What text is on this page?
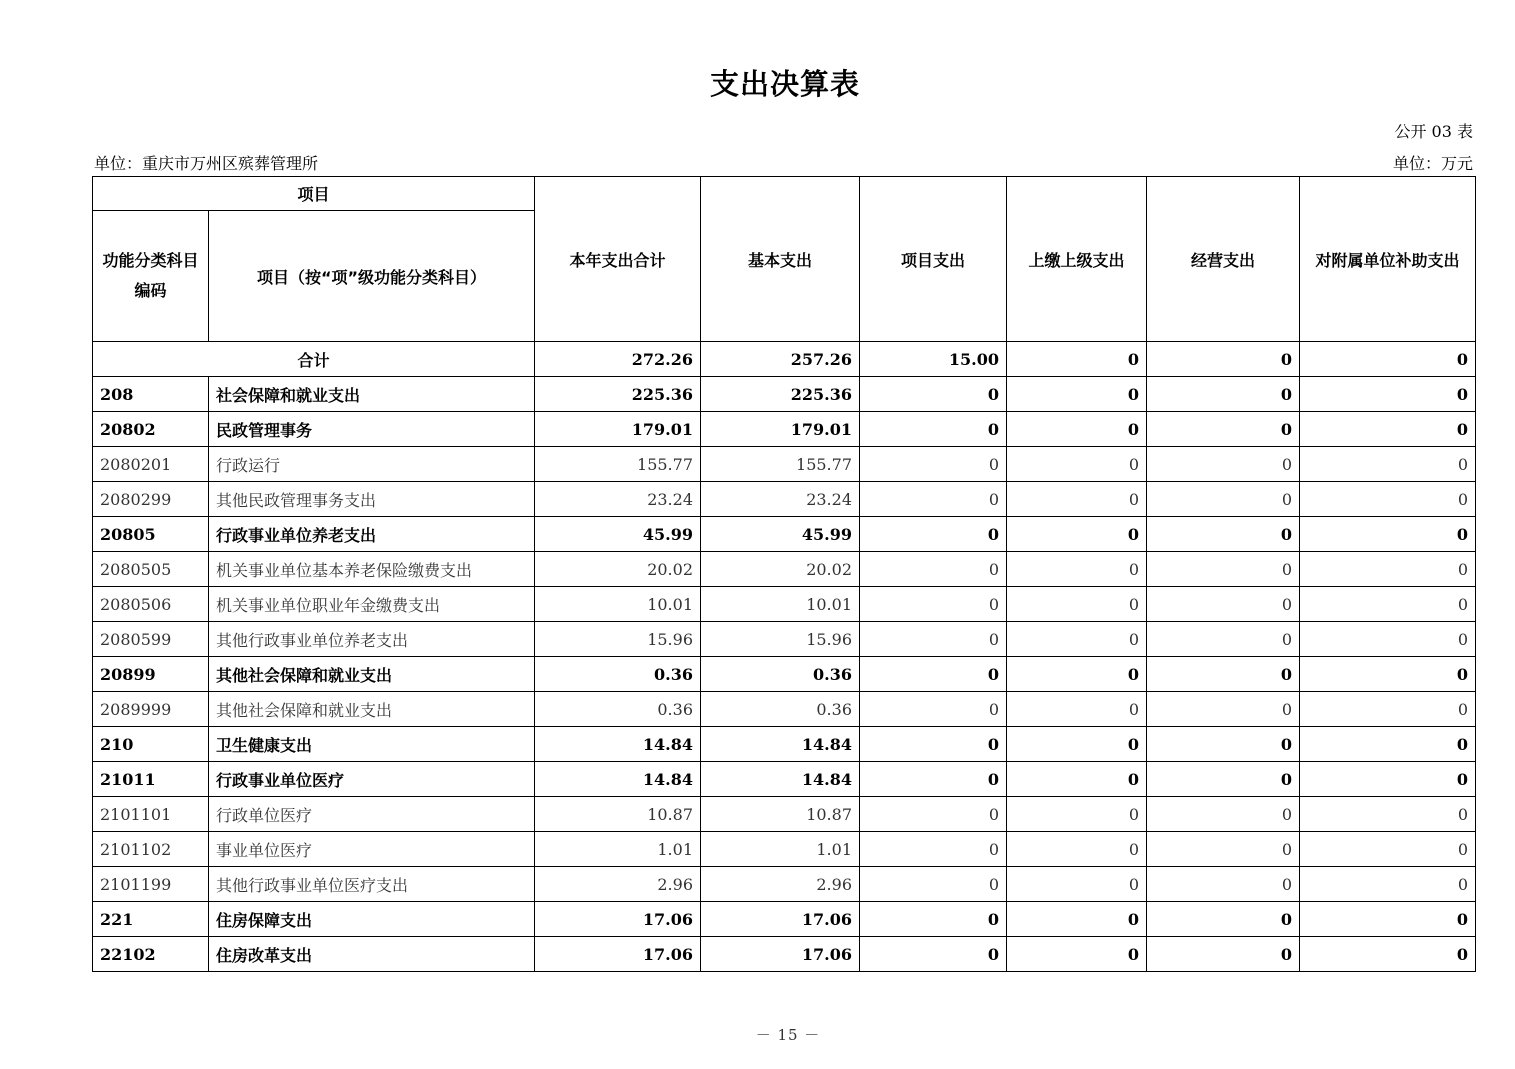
支出决算表
公开 03 表
单位：重庆市万州区殡葬管理所	单位：万元
项目		本年支出合计	基本支出	项目支出	上缴上级支出	经营支出	对附属单位补助支出
功能分类科目编码	项目（按“项”级功能分类科目）						
合计		272.26	257.26	15.00	0	0	0
208	社会保障和就业支出	225.36	225.36	0	0	0	0
20802	民政管理事务	179.01	179.01	0	0	0	0
2080201	行政运行	155.77	155.77	0	0	0	0
2080299	其他民政管理事务支出	23.24	23.24	0	0	0	0
20805	行政事业单位养老支出	45.99	45.99	0	0	0	0
2080505	机关事业单位基本养老保险缴费支出	20.02	20.02	0	0	0	0
2080506	机关事业单位职业年金缴费支出	10.01	10.01	0	0	0	0
2080599	其他行政事业单位养老支出	15.96	15.96	0	0	0	0
20899	其他社会保障和就业支出	0.36	0.36	0	0	0	0
2089999	其他社会保障和就业支出	0.36	0.36	0	0	0	0
210	卫生健康支出	14.84	14.84	0	0	0	0
21011	行政事业单位医疗	14.84	14.84	0	0	0	0
2101101	行政单位医疗	10.87	10.87	0	0	0	0
2101102	事业单位医疗	1.01	1.01	0	0	0	0
2101199	其他行政事业单位医疗支出	2.96	2.96	0	0	0	0
221	住房保障支出	17.06	17.06	0	0	0	0
22102	住房改革支出	17.06	17.06	0	0	0	0
－ 15 －
